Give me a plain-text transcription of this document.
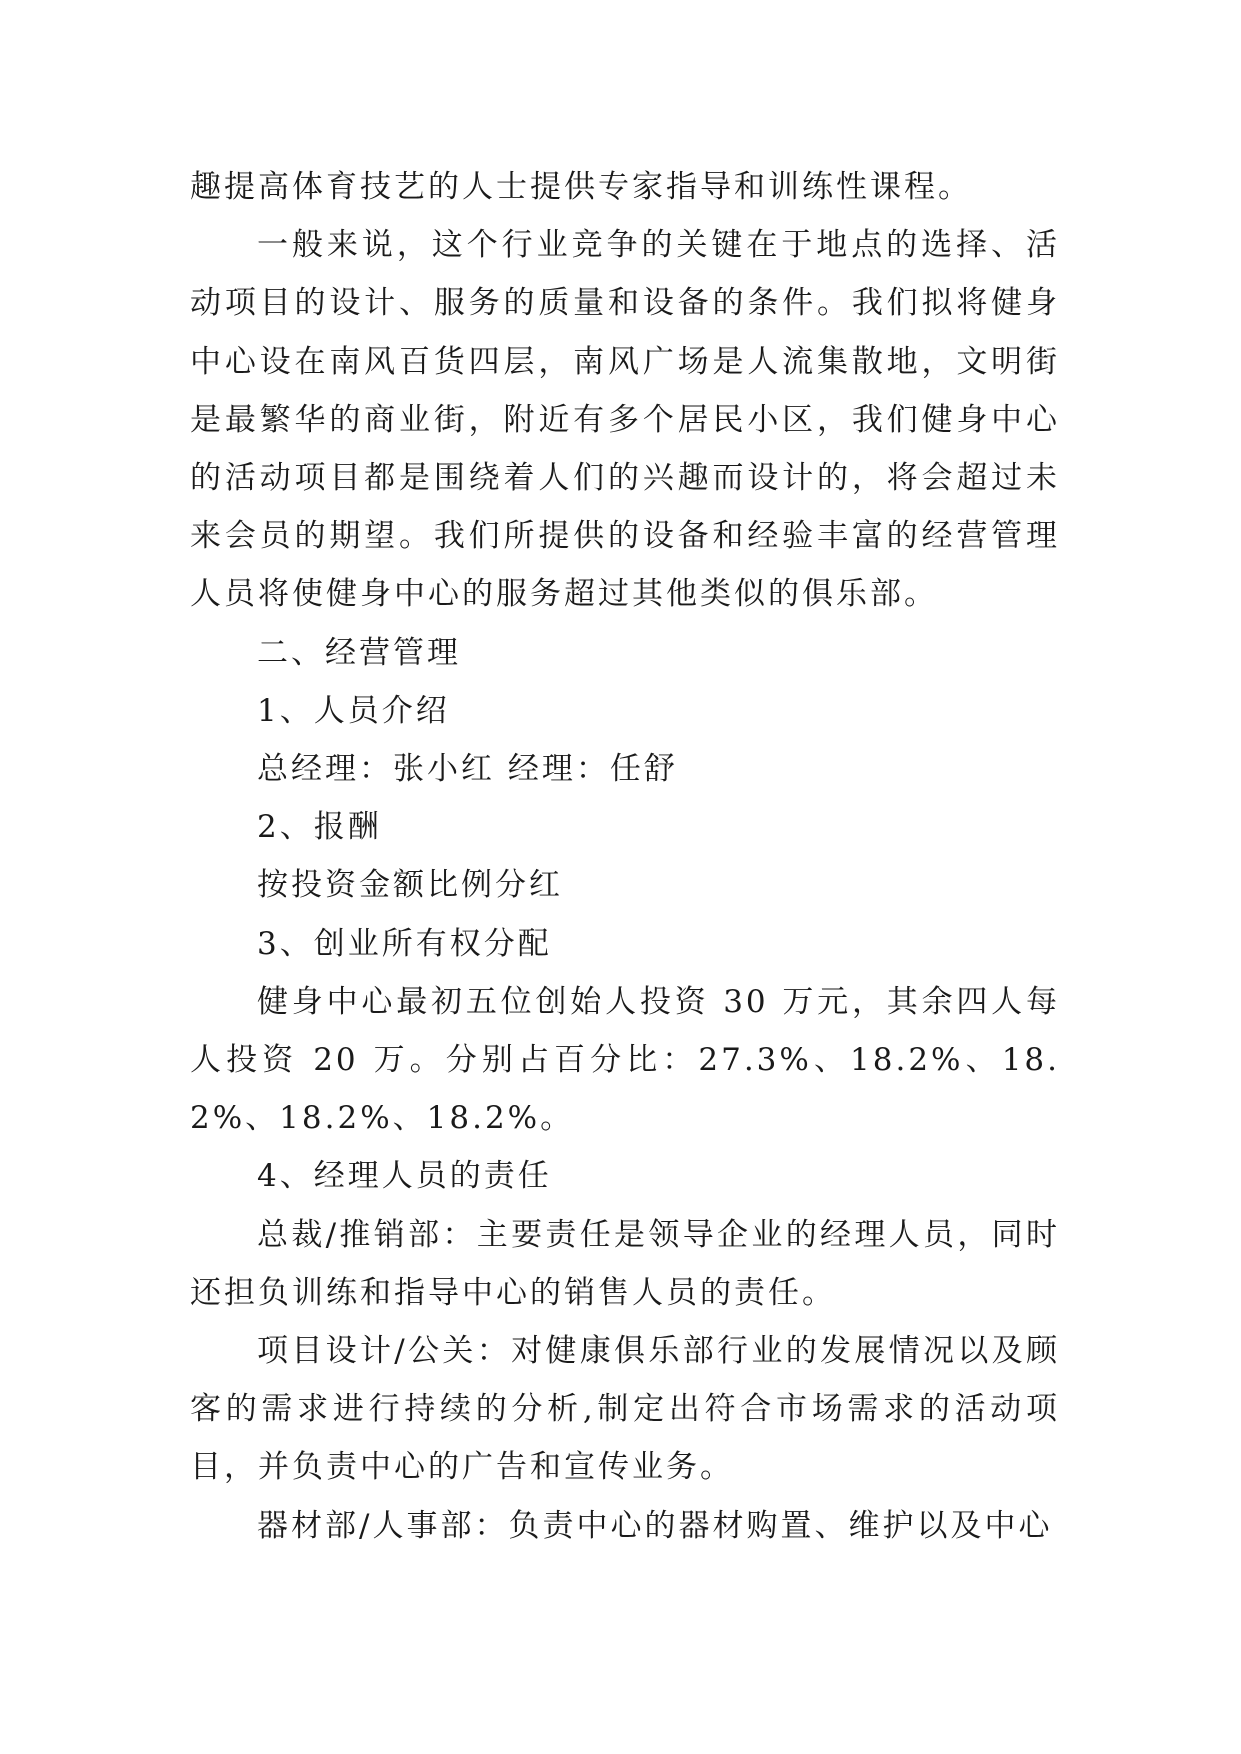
趣提高体育技艺的人士提供专家指导和训练性课程。

一般来说，这个行业竞争的关键在于地点的选择、活动项目的设计、服务的质量和设备的条件。我们拟将健身中心设在南风百货四层，南风广场是人流集散地，文明街是最繁华的商业街，附近有多个居民小区，我们健身中心的活动项目都是围绕着人们的兴趣而设计的，将会超过未来会员的期望。我们所提供的设备和经验丰富的经营管理人员将使健身中心的服务超过其他类似的俱乐部。

二、经营管理

1、人员介绍

总经理：张小红 经理：任舒

2、报酬

按投资金额比例分红

3、创业所有权分配

健身中心最初五位创始人投资 30 万元，其余四人每人投资 20 万。分别占百分比：27.3%、18.2%、18.2%、18.2%、18.2%。

4、经理人员的责任

总裁/推销部：主要责任是领导企业的经理人员，同时还担负训练和指导中心的销售人员的责任。

项目设计/公关：对健康俱乐部行业的发展情况以及顾客的需求进行持续的分析,制定出符合市场需求的活动项目，并负责中心的广告和宣传业务。

器材部/人事部：负责中心的器材购置、维护以及中心
